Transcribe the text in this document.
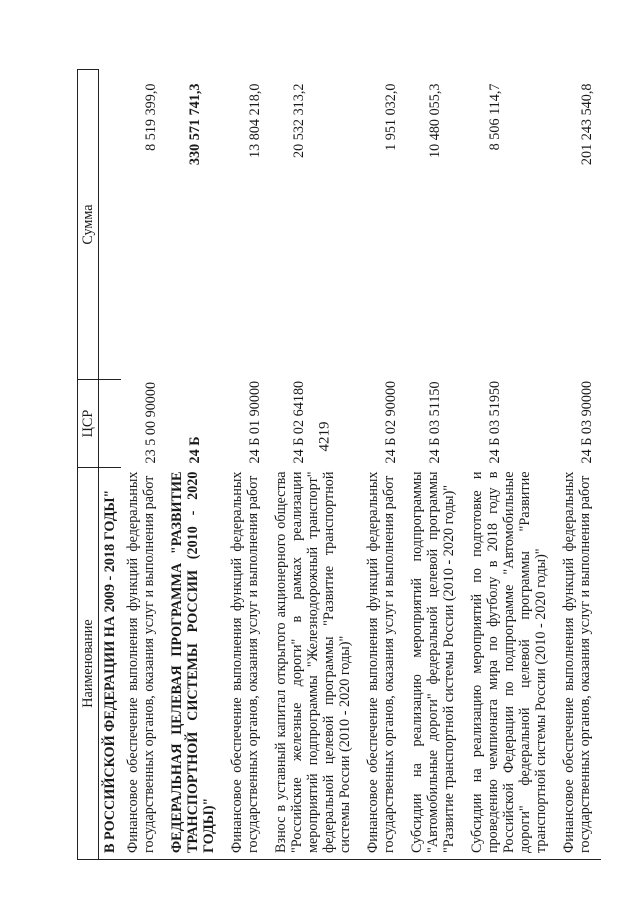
4219
Наименование	ЦСР	Сумма
В РОССИЙСКОЙ ФЕДЕРАЦИИ НА 2009 - 2018 ГОДЫ"		
Финансовое обеспечение выполнения функций федеральных государственных органов, оказания услуг и выполнения работ	23 5 00 90000	8 519 399,0
ФЕДЕРАЛЬНАЯ ЦЕЛЕВАЯ ПРОГРАММА "РАЗВИТИЕ ТРАНСПОРТНОЙ СИСТЕМЫ РОССИИ (2010 - 2020 ГОДЫ)"	24 Б	330 571 741,3
Финансовое обеспечение выполнения функций федеральных государственных органов, оказания услуг и выполнения работ	24 Б 01 90000	13 804 218,0
Взнос в уставный капитал открытого акционерного общества "Российские железные дороги" в рамках реализации мероприятий подпрограммы "Железнодорожный транспорт" федеральной целевой программы "Развитие транспортной системы России (2010 - 2020 годы)"	24 Б 02 64180	20 532 313,2
Финансовое обеспечение выполнения функций федеральных государственных органов, оказания услуг и выполнения работ	24 Б 02 90000	1 951 032,0
Субсидии на реализацию мероприятий подпрограммы "Автомобильные дороги" федеральной целевой программы "Развитие транспортной системы России (2010 - 2020 годы)"	24 Б 03 51150	10 480 055,3
Субсидии на реализацию мероприятий по подготовке и проведению чемпионата мира по футболу в 2018 году в Российской Федерации по подпрограмме "Автомобильные дороги" федеральной целевой программы "Развитие транспортной системы России (2010 - 2020 годы)"	24 Б 03 51950	8 506 114,7
Финансовое обеспечение выполнения функций федеральных государственных органов, оказания услуг и выполнения работ	24 Б 03 90000	201 243 540,8
